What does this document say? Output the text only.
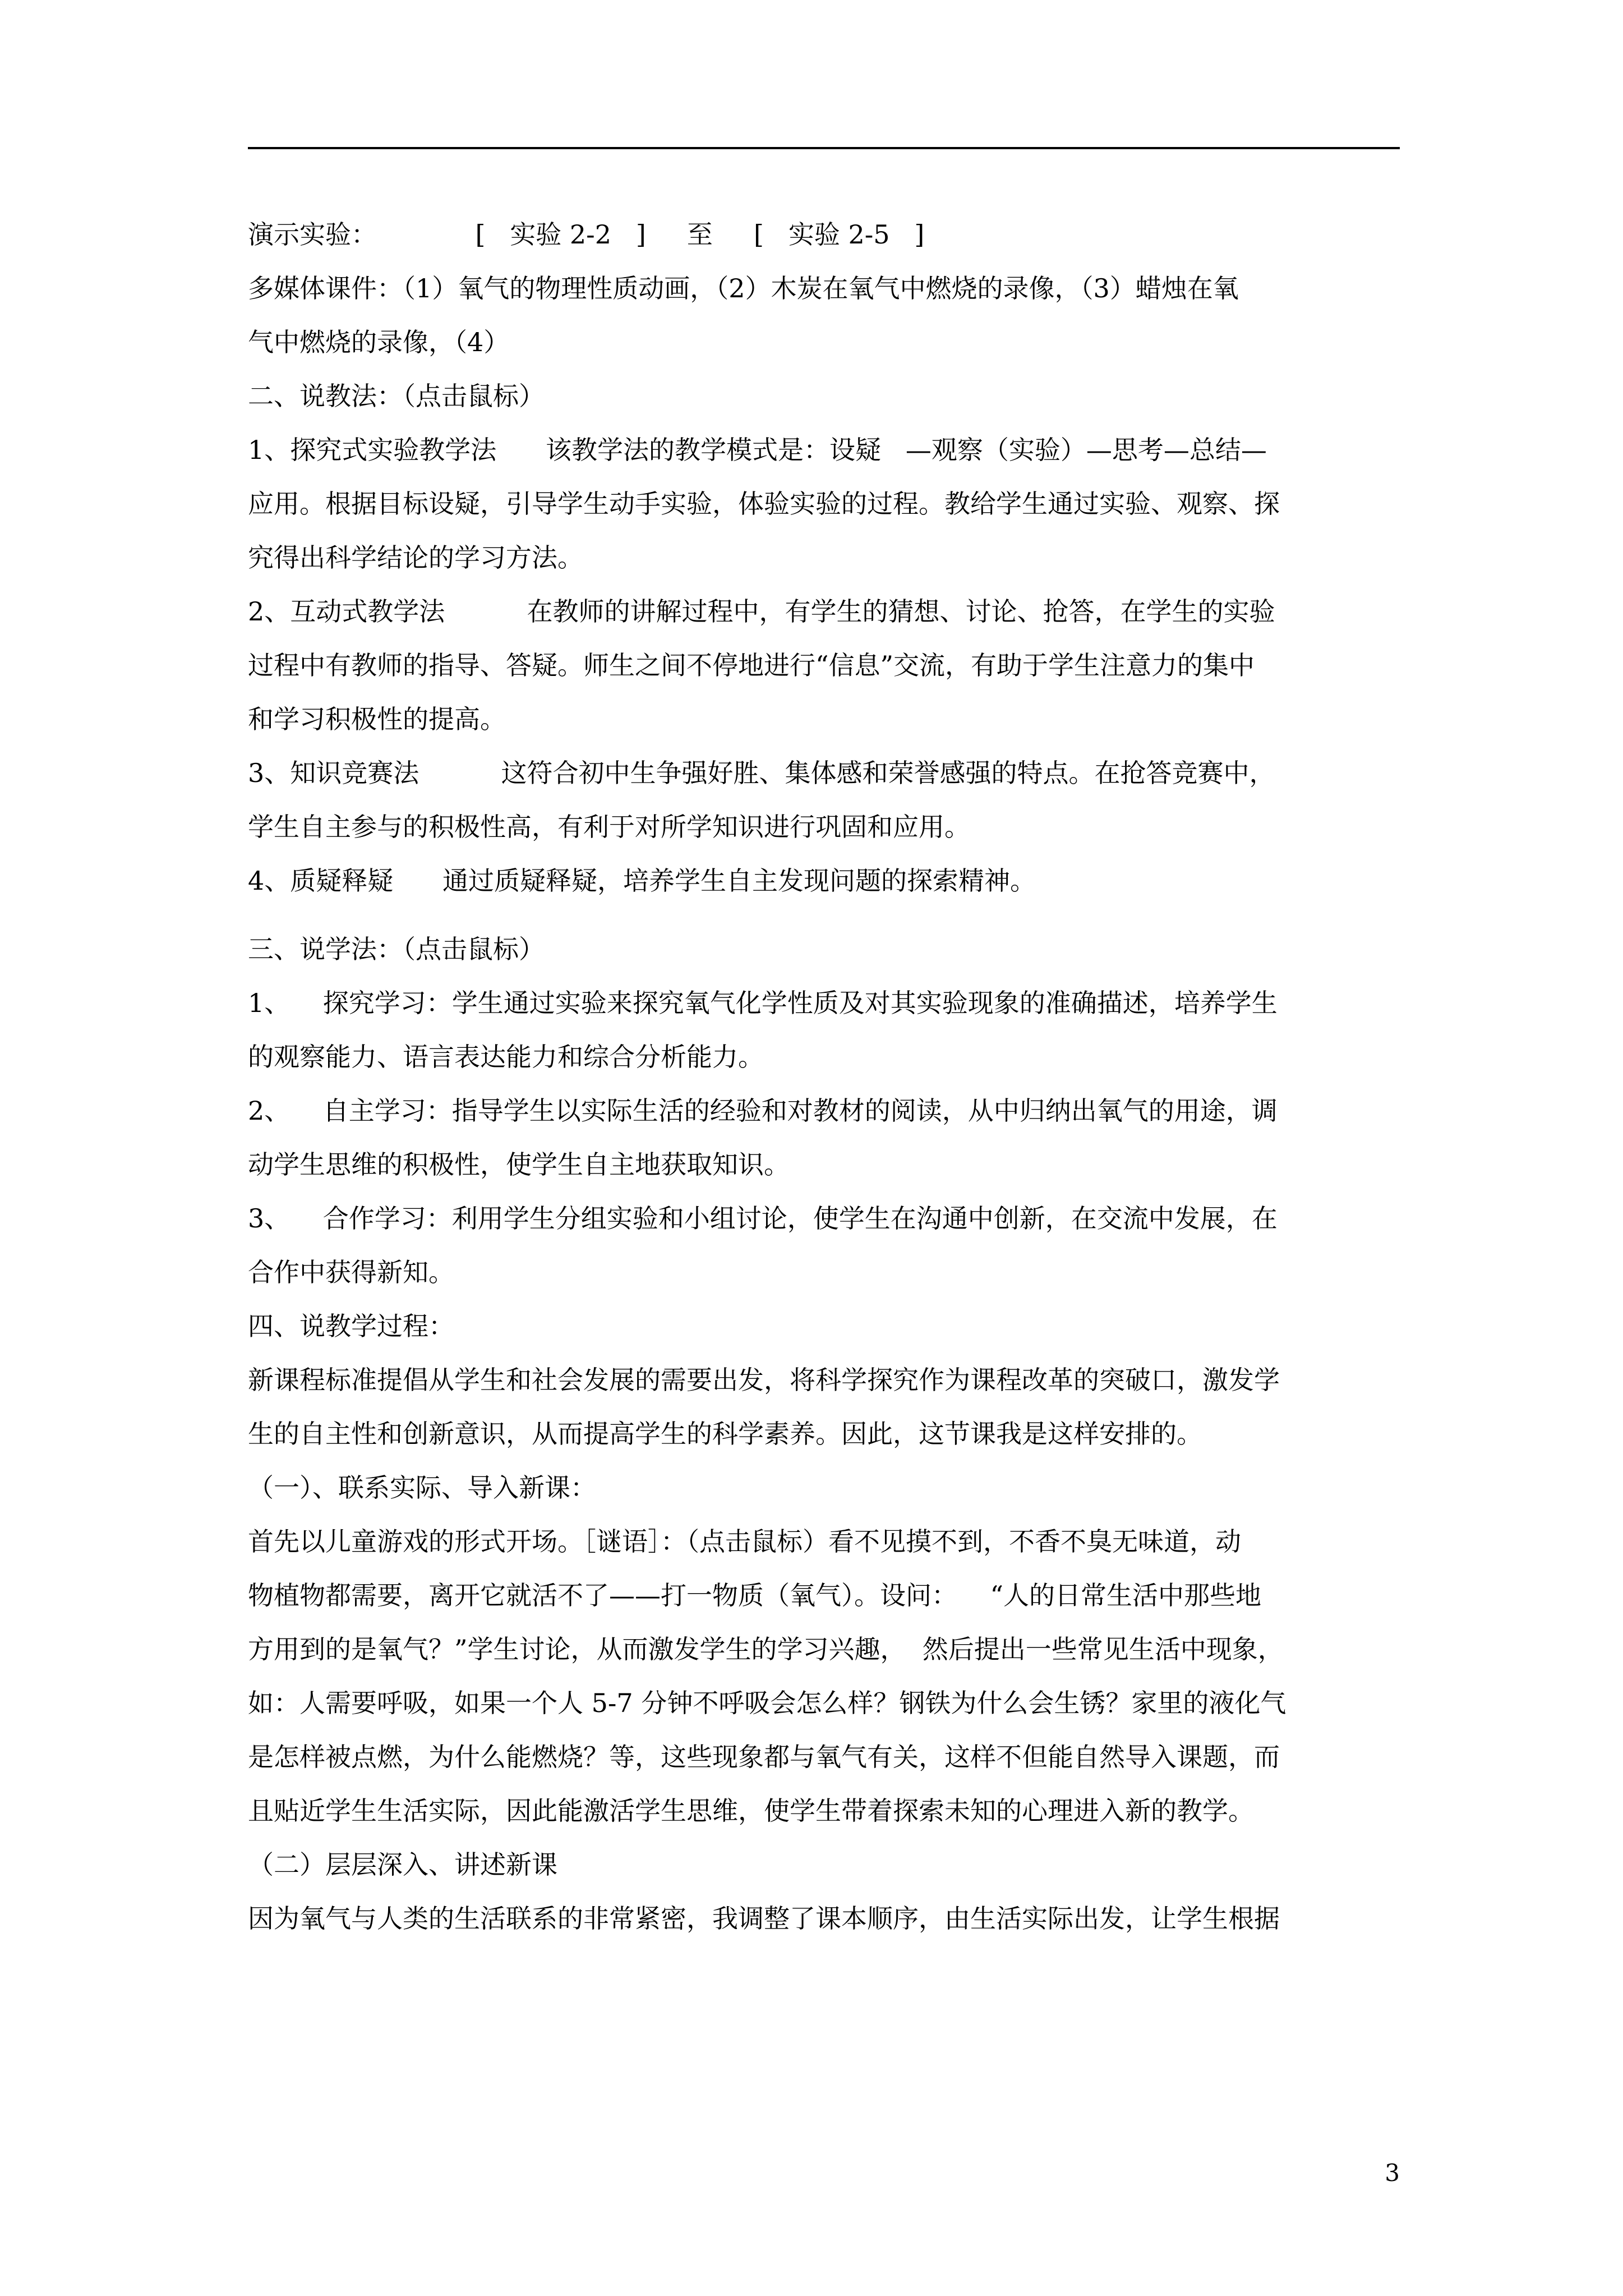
演示实验：            [   实验 2-2   ]     至     [   实验 2-5   ]
多媒体课件：（1）氧气的物理性质动画，（2）木炭在氧气中燃烧的录像，（3）蜡烛在氧
气中燃烧的录像，（4）
二、说教法：（点击鼠标）
1、探究式实验教学法      该教学法的教学模式是：设疑   —观察（实验）—思考—总结—
应用。根据目标设疑，引导学生动手实验，体验实验的过程。教给学生通过实验、观察、探
究得出科学结论的学习方法。
2、互动式教学法          在教师的讲解过程中，有学生的猜想、讨论、抢答，在学生的实验
过程中有教师的指导、答疑。师生之间不停地进行“信息”交流，有助于学生注意力的集中
和学习积极性的提高。
3、知识竞赛法          这符合初中生争强好胜、集体感和荣誉感强的特点。在抢答竞赛中，
学生自主参与的积极性高，有利于对所学知识进行巩固和应用。
4、质疑释疑      通过质疑释疑，培养学生自主发现问题的探索精神。
三、说学法：（点击鼠标）
1、    探究学习：学生通过实验来探究氧气化学性质及对其实验现象的准确描述，培养学生
的观察能力、语言表达能力和综合分析能力。
2、    自主学习：指导学生以实际生活的经验和对教材的阅读，从中归纳出氧气的用途，调
动学生思维的积极性，使学生自主地获取知识。
3、    合作学习：利用学生分组实验和小组讨论，使学生在沟通中创新，在交流中发展，在
合作中获得新知。
四、说教学过程：
新课程标准提倡从学生和社会发展的需要出发，将科学探究作为课程改革的突破口，激发学
生的自主性和创新意识，从而提高学生的科学素养。因此，这节课我是这样安排的。
（一）、联系实际、导入新课：
首先以儿童游戏的形式开场。［谜语］：（点击鼠标）看不见摸不到，不香不臭无味道，动
物植物都需要，离开它就活不了——打一物质（氧气）。设问：    “人的日常生活中那些地
方用到的是氧气？”学生讨论，从而激发学生的学习兴趣，  然后提出一些常见生活中现象，
如：人需要呼吸，如果一个人 5-7 分钟不呼吸会怎么样？钢铁为什么会生锈？家里的液化气
是怎样被点燃，为什么能燃烧？等，这些现象都与氧气有关，这样不但能自然导入课题，而
且贴近学生生活实际，因此能激活学生思维，使学生带着探索未知的心理进入新的教学。
（二）层层深入、讲述新课
因为氧气与人类的生活联系的非常紧密，我调整了课本顺序，由生活实际出发，让学生根据
3
